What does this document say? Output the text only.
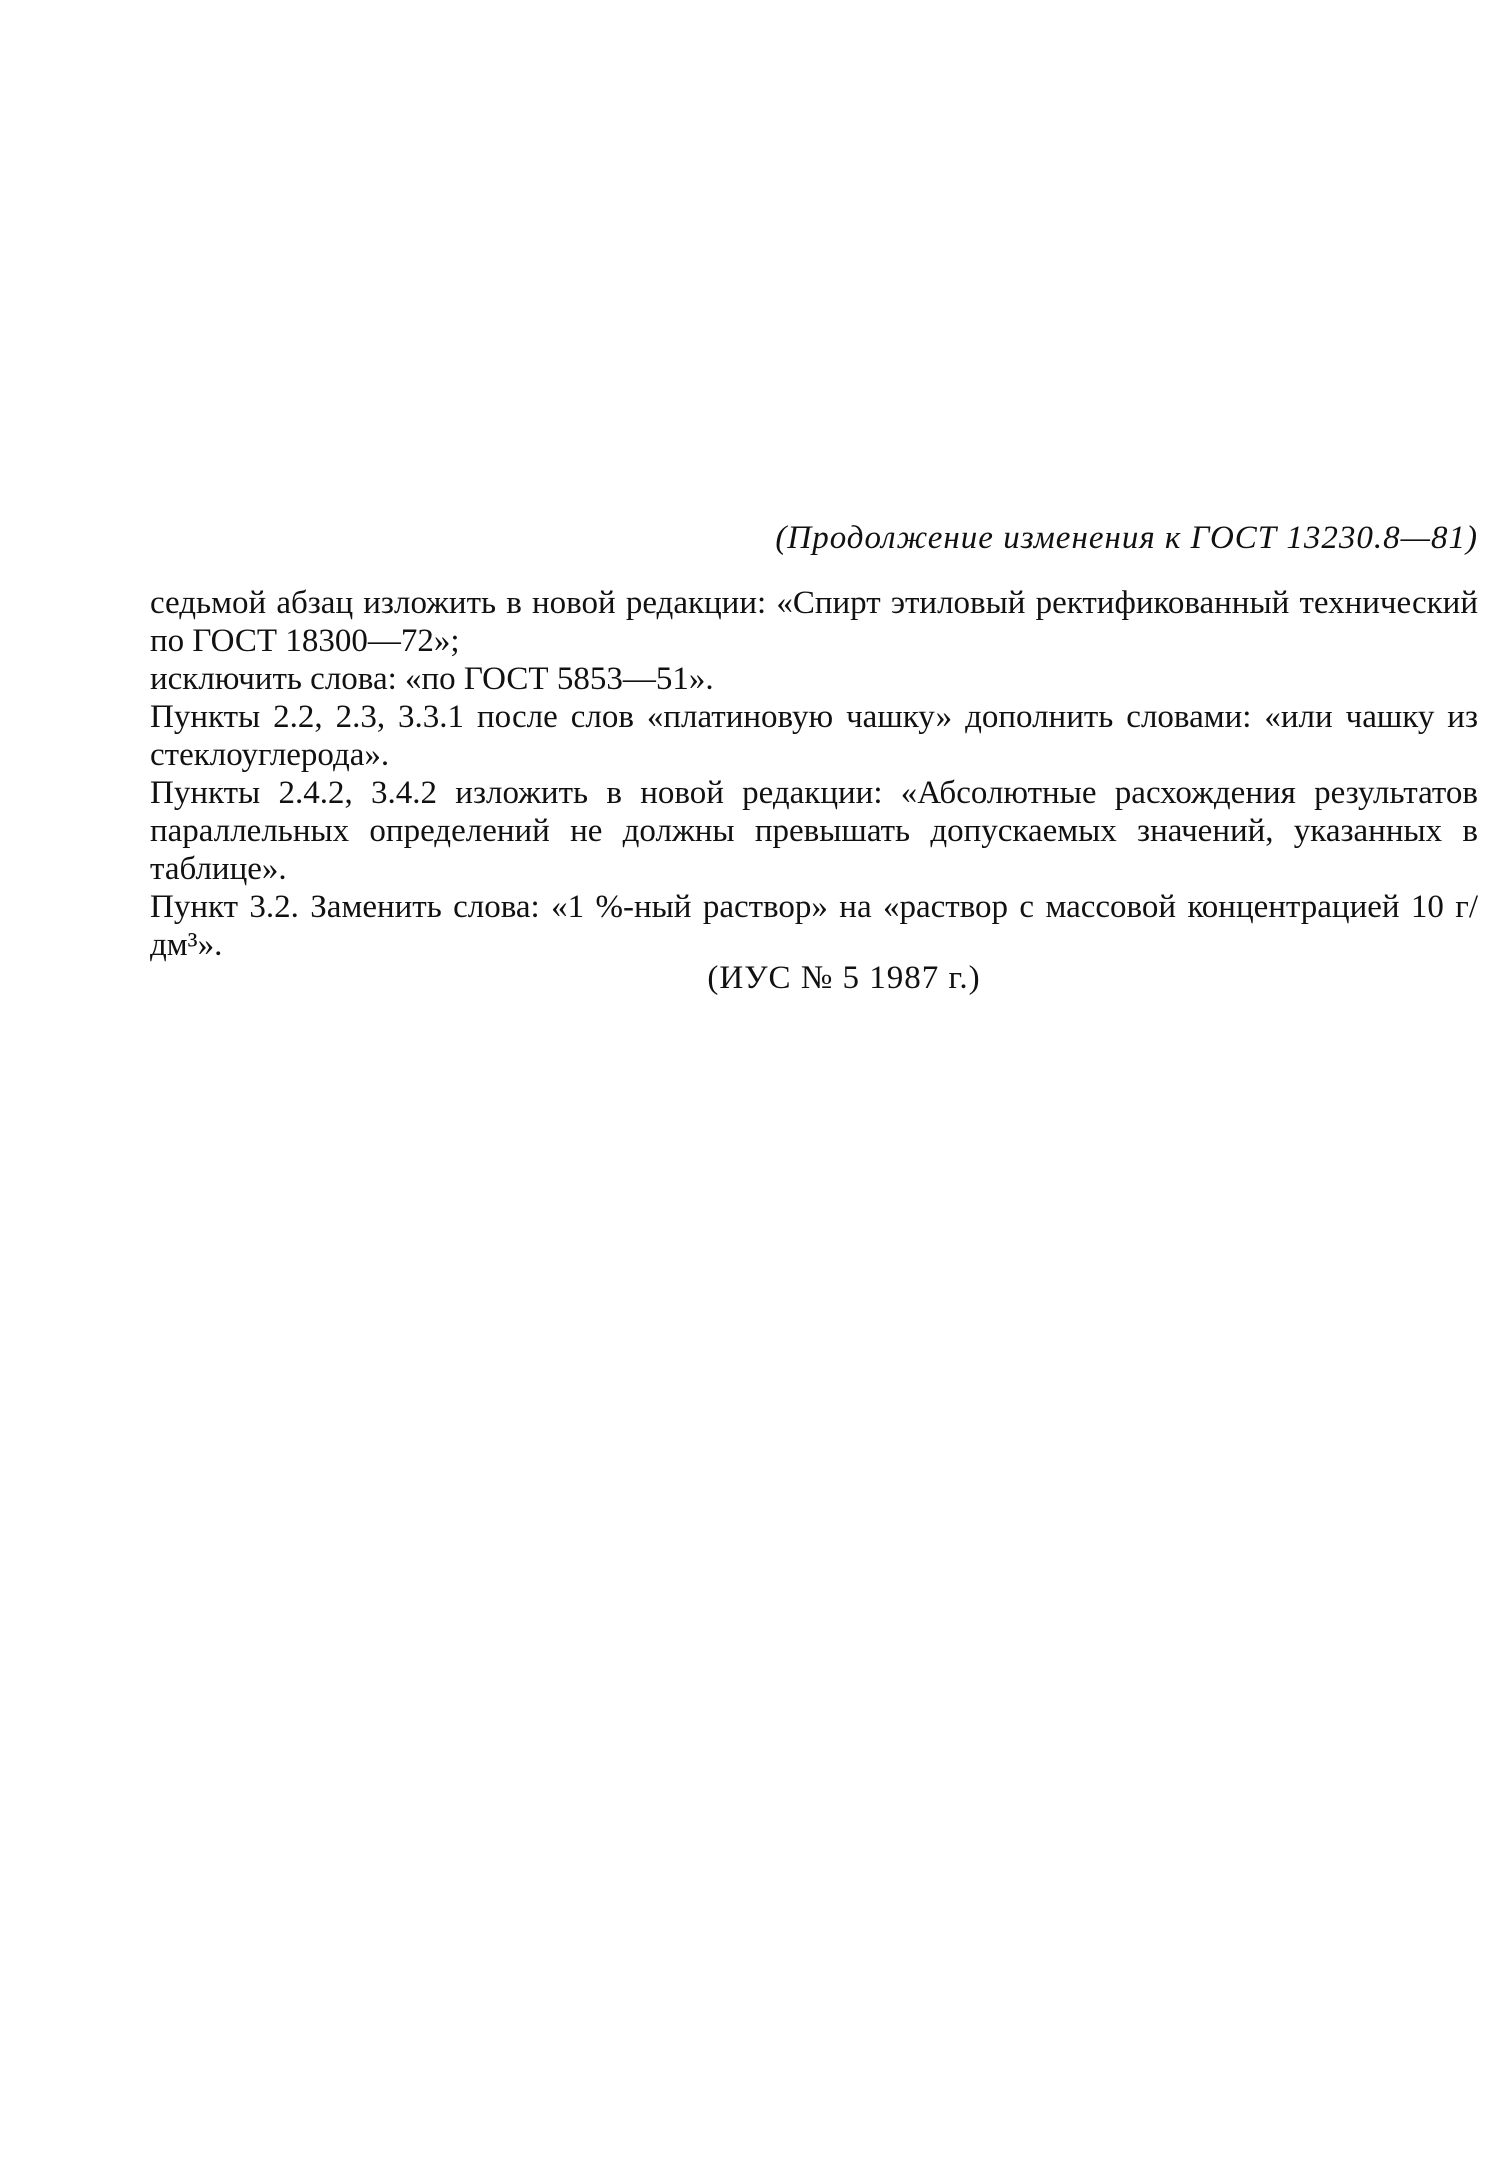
(Продолжение изменения к ГОСТ 13230.8—81)

седьмой абзац изложить в новой редакции: «Спирт этиловый ректификованный технический по ГОСТ 18300—72»;

исключить слова: «по ГОСТ 5853—51».

Пункты 2.2, 2.3, 3.3.1 после слов «платиновую чашку» дополнить словами: «или чашку из стеклоуглерода».

Пункты 2.4.2, 3.4.2 изложить в новой редакции: «Абсолютные расхождения результатов параллельных определений не должны превышать допускаемых значений, указанных в таблице».

Пункт 3.2. Заменить слова: «1 %-ный раствор» на «раствор с массовой концентрацией 10 г/дм³».

(ИУС № 5 1987 г.)
